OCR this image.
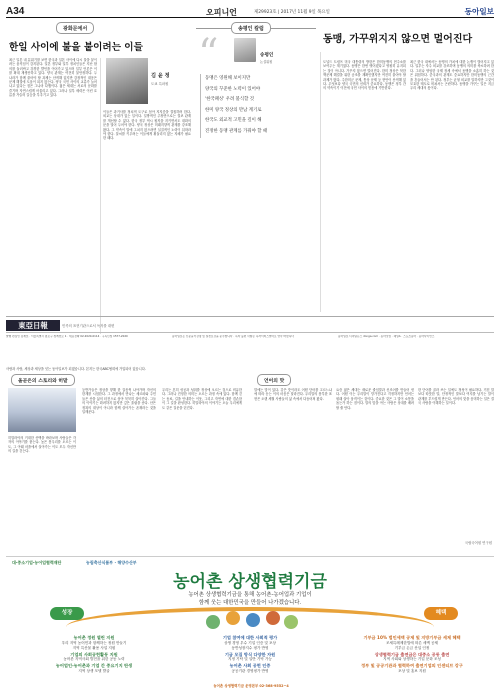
A34	오피니언	제29923호 | 2017년 11월 9일 목요일	동아일보
광화문에서
한일 사이에 불을 붙이려는 이들
최근 일본 내 분위기를 보면 한국과 일본 사이에 다시 불을 붙이려는 움직임이 감지된다. 일본 정부와 일부 정치인들은 지난 합의를 둘러싸고 강경한 발언을 이어가고 있으며 일부 언론은 이를 확대 재생산하고 있다. 양국 관계는 여전히 불안정하다. 두 나라가 함께 풀어야 할 과제는 산적해 있지만 감정적인 대응은 문제 해결에 도움이 되지 않는다. 양국 국민 사이의 교류가 늘어나고 있다는 점은 그나마 다행이다. 젊은 세대는 서로의 문화를 즐기며 자연스럽게 어울리고 있다. 그러나 일부 세력은 이런 흐름을 거슬러 갈등을 부추기고 있다.
김 윤 정
도쿄 특파원
이들은 과거사를 정치적 도구로 삼아 지지층을 결집하려 한다. 외교는 상대가 있는 일이다. 일방적인 주장만으로는 결코 관계를 개선할 수 없다. 한국 정부 역시 원칙을 지키면서도 대화의 문을 열어 두어야 한다. 양국 정상은 미래지향적 관계를 강조해 왔다. 그 약속이 말에 그치지 않으려면 실질적인 노력이 뒤따라야 한다. 불씨를 키우려는 이들에게 휘둘리지 않는 지혜가 필요한 때다.
송평인 칼럼
동맹, 가꾸위지지 않으면 멀어진다
“	송평인
논설위원

동맹은 영원해 보이지만

양국의 꾸준한 노력이 있어야

'한국패싱' 우려 불식할 것

한미 양국 정상의 만남 계기로

한국도 외교적 고민을 깊이 해

진정한 동맹 관계를 가꿔야 할 때

도널드 트럼프 미국 대통령의 방한은 한미동맹의 현주소를 보여주는 계기였다. 동맹은 한번 맺어졌다고 영원히 유지되는 것이 아니다. 가꾸지 않으면 멀어진다. 한미 정상은 북한 핵문제 해결을 위한 공조를 재확인했지만 여전히 풀어야 할 과제가 많다. 주한미군 문제, 통상 문제 등 현안이 산적해 있다. 무엇보다 양국 국민의 신뢰가 중요하다. 동맹은 정부 간의 약속이기 이전에 국민 사이의 믿음에 기반한다.
최근 한국 내에서는 동맹의 가치에 대한 논쟁이 벌어지고 있다. 일부는 자주 외교를 강조하며 동맹의 의미를 축소하려 한다. 그러나 냉엄한 국제 정세 속에서 동맹을 소홀히 하는 것은 위험하다. 중국과의 관계도 중요하지만 한미동맹의 근간을 흔들어서는 안 된다. 정부는 균형 외교를 말하지만 그것이 모호한 태도로 비쳐서는 곤란하다. 동맹을 가꾸는 일은 지금 우리 세대의 몫이다.
東亞日報	민족의 표현기관으로서 독자를 대변
발행 편집인 김재호 · 서울특별시 종로구 청계천로 1 · 대표전화 02-2020-0114 · 구독신청 1577-2020	동아일보는 신문윤리강령 및 실천요강을 준수합니다 · 독자 불편 사항은 독자서비스센터로 연락 바랍니다	동아일보 디지털뉴스 donga.com · 동아닷컴 · 채널A · 스포츠동아 · 동아사이언스
사람과 사람, 세상과 세상을 잇는 동아일보가 되겠습니다. 본지는 한국ABC협회에 가입되어 있습니다.
올곧은의 스토리와 히말
히말라야의 거대한 산맥을 바라보며 사람들은 각자의 이야기를 품는다. 높은 봉우리를 오르는 이도, 그 아래 마을에서 살아가는 이도 모두 자신만의 길을 걷는다.
등반가들은 정상을 향해 한 걸음씩 나아가며 자신의 한계를 시험한다. 그 과정에서 만나는 셰르파와 주민들은 산을 삶의 터전으로 삼아 묵묵히 살아간다. 그들의 이야기는 화려하지 않지만 깊은 울림을 준다. 산은 정복의 대상이 아니라 함께 살아가는 존재라는 것을 일깨운다.
우리는 흔히 성공과 성취를 정상에 오르는 것으로 비유한다. 그러나 진정한 의미는 오르는 과정 속에 있다. 함께 걷는 동료, 길을 안내하는 이웃, 그리고 자연에 대한 겸손함이 그 길을 완성한다. 히말라야의 이야기는 오늘 우리에게도 같은 질문을 던진다.
언어의 맛
말에는 맛이 있다. 같은 뜻이라도 어떤 단어를 고르느냐에 따라 듣는 이의 마음은 달라진다. 우리말의 풍부한 표현은 오랜 세월 사람들의 삶 속에서 다듬어져 왔다.
요즘 젊은 세대는 새로운 줄임말과 신조어를 만들어 낸다. 어떤 이는 우리말이 망가진다고 걱정하지만 언어는 원래 살아 움직이는 것이다. 중요한 것은 그 말이 소통을 돕는가 하는 점이다. 말의 맛을 아는 사람은 상대를 배려할 줄 안다.
한 단어를 골라 쓰는 일에도 정성이 필요하다. 거친 말보다 따뜻한 말, 단정적인 말보다 여지를 남기는 말이 관계를 부드럽게 만든다. 언어의 맛을 음미하는 일은 결국 사람을 이해하는 일이다.
국립국어원 연구원
대·중소기업·농어업협력재단	농림축산식품부 · 해양수산부
농어촌 상생협력기금
농어촌 상생협력기금을 통해 농어촌-농어업과 기업이
함께 웃는 대한민국을 만들어 나가겠습니다.
성장	혜택
농어촌 정원 열린 지원
우리 지역 농어민과 함께하는 정원 만들기
지역 특산물 활용 사업 지원
기업의 사회공헌활동 지원
농어촌 지역사회 발전을 위한 공동 노력
농어업인-농어촌과 기업 간 중요기지 탄생
지역 상생 모델 발굴
기업 참여에 대한 사회적 평가
상생 경영 우수 기업 인증 및 포상
동반성장지수 평가 반영
기금 모집 방식 다양한 자원
지정 기탁 및 일반 기탁 가능
농어촌 사회 공헌 인증
공공기관 경영평가 반영
기부금 10% 법인세액 공제 및 지방기부금 세제 혜택
조세특례제한법에 따른 세액 공제
기부금 손금 산입 인정
상생협력기금 출연금은 대중소 공동 출연
지역 사회와 상생하는 기업 문화 조성
정부 및 공공기관과 협력하여 출연기업의 인센티브 강구
포상 및 홍보 지원
농어촌 상생협력기금 운영본부 02-368-9552~4
